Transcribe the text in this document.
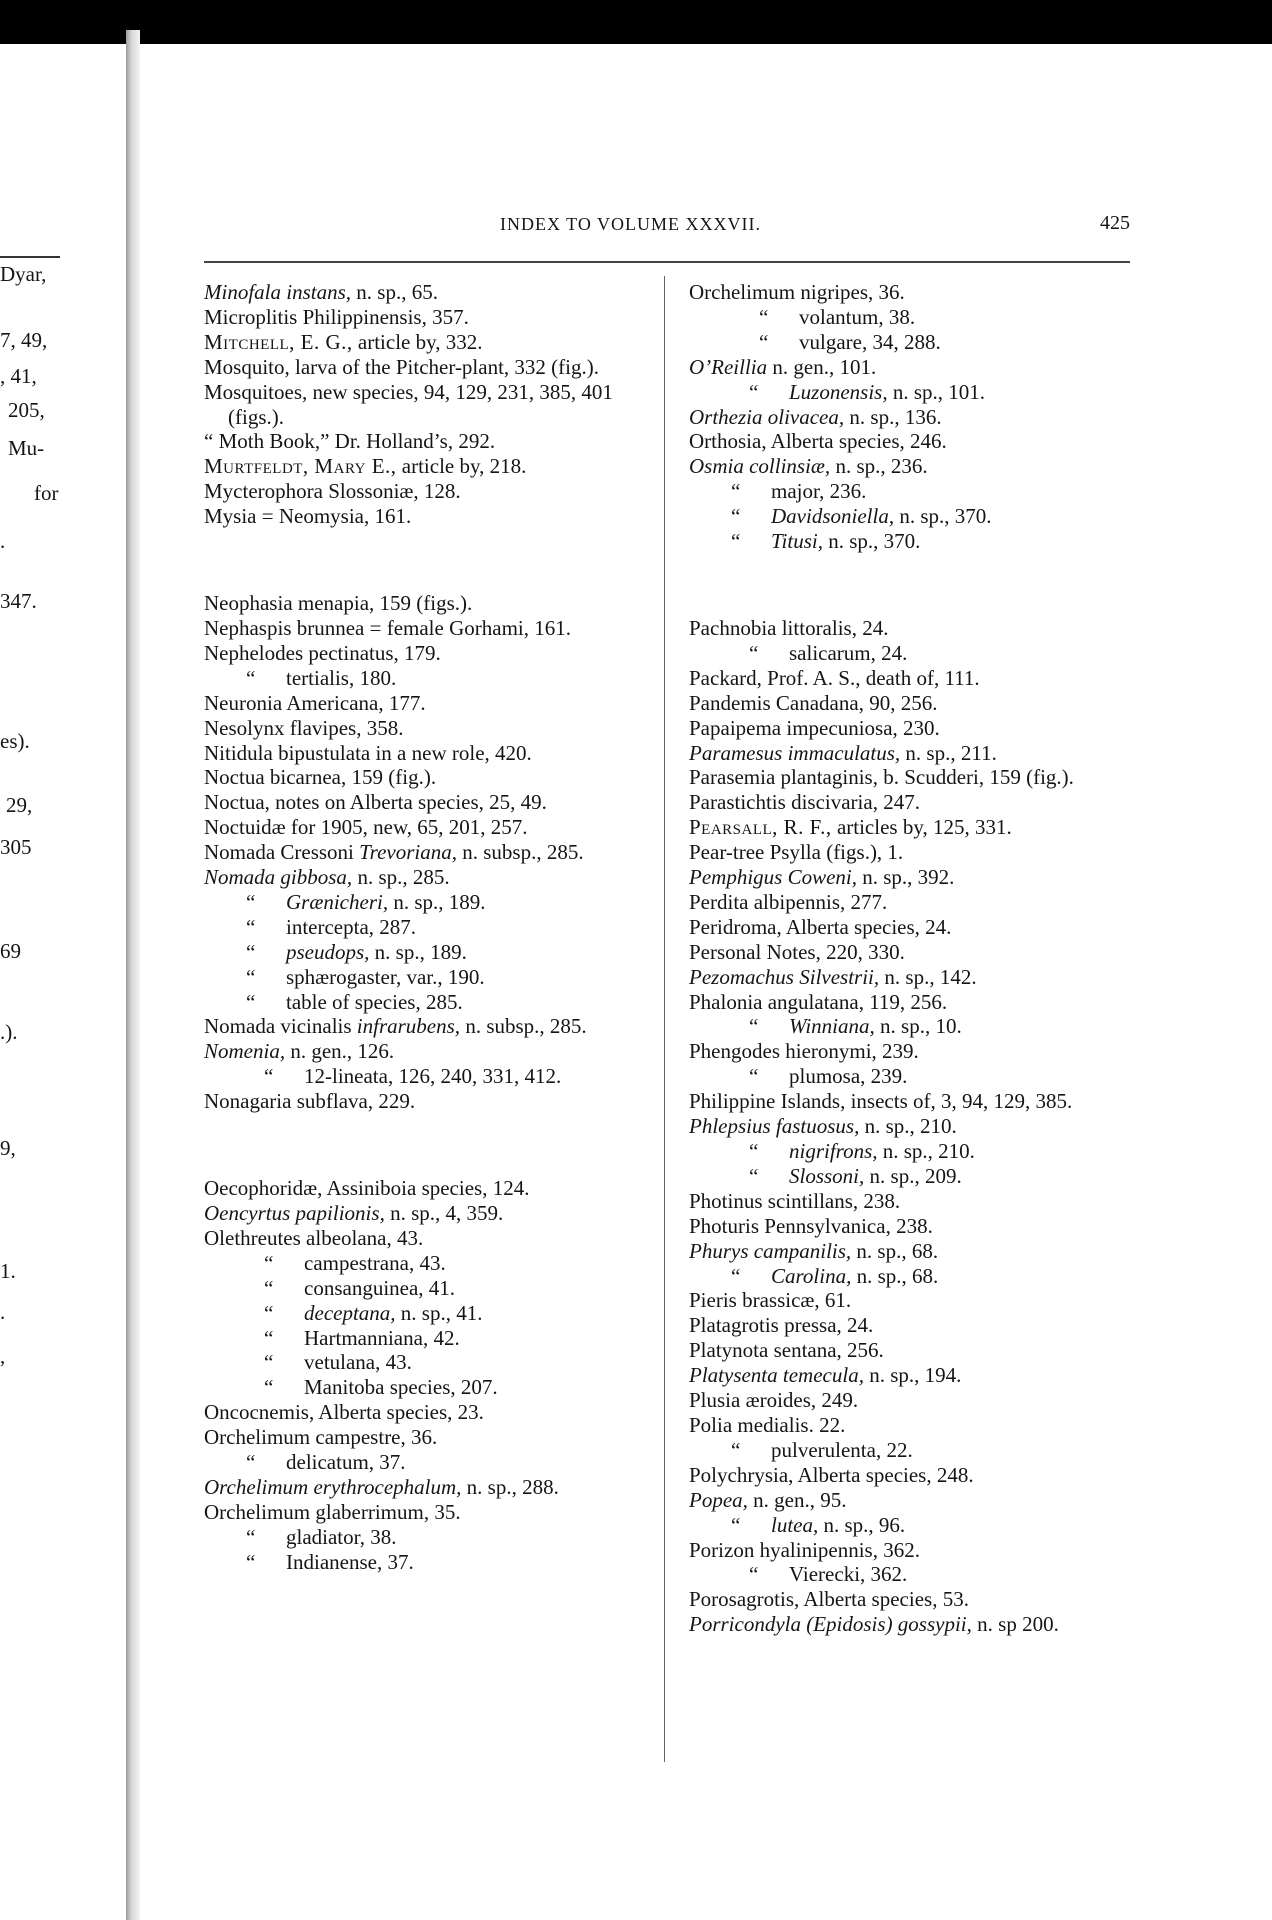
Dyar,
7, 49,
, 41,
205,
Mu-
for
.
347.
es).
29,
305
69
.).
9,
1.
.
,
INDEX TO VOLUME XXXVII.	425

Minofala instans, n. sp., 65.

Microplitis Philippinensis, 357.

Mitchell, E. G., article by, 332.

Mosquito, larva of the Pitcher-plant, 332 (fig.).

Mosquitoes, new species, 94, 129, 231, 385, 401 (figs.).

“ Moth Book,” Dr. Holland’s, 292.

Murtfeldt, Mary E., article by, 218.

Mycterophora Slossoniæ, 128.

Mysia = Neomysia, 161.

Neophasia menapia, 159 (figs.).

Nephaspis brunnea = female Gorhami, 161.

Nephelodes pectinatus, 179.

“ tertialis, 180.

Neuronia Americana, 177.

Nesolynx flavipes, 358.

Nitidula bipustulata in a new role, 420.

Noctua bicarnea, 159 (fig.).

Noctua, notes on Alberta species, 25, 49.

Noctuidæ for 1905, new, 65, 201, 257.

Nomada Cressoni Trevoriana, n. subsp., 285.

Nomada gibbosa, n. sp., 285.

“ Grænicheri, n. sp., 189.

“ intercepta, 287.

“ pseudops, n. sp., 189.

“ sphærogaster, var., 190.

“ table of species, 285.

Nomada vicinalis infrarubens, n. subsp., 285.

Nomenia, n. gen., 126.

“ 12-lineata, 126, 240, 331, 412.

Nonagaria subflava, 229.

Oecophoridæ, Assiniboia species, 124.

Oencyrtus papilionis, n. sp., 4, 359.

Olethreutes albeolana, 43.

“ campestrana, 43.

“ consanguinea, 41.

“ deceptana, n. sp., 41.

“ Hartmanniana, 42.

“ vetulana, 43.

“ Manitoba species, 207.

Oncocnemis, Alberta species, 23.

Orchelimum campestre, 36.

“ delicatum, 37.

Orchelimum erythrocephalum, n. sp., 288.

Orchelimum glaberrimum, 35.

“ gladiator, 38.

“ Indianense, 37.

Orchelimum nigripes, 36.

“ volantum, 38.

“ vulgare, 34, 288.

O’Reillia n. gen., 101.

“ Luzonensis, n. sp., 101.

Orthezia olivacea, n. sp., 136.

Orthosia, Alberta species, 246.

Osmia collinsiæ, n. sp., 236.

“ major, 236.

“ Davidsoniella, n. sp., 370.

“ Titusi, n. sp., 370.

Pachnobia littoralis, 24.

“ salicarum, 24.

Packard, Prof. A. S., death of, 111.

Pandemis Canadana, 90, 256.

Papaipema impecuniosa, 230.

Paramesus immaculatus, n. sp., 211.

Parasemia plantaginis, b. Scudderi, 159 (fig.).

Parastichtis discivaria, 247.

Pearsall, R. F., articles by, 125, 331.

Pear-tree Psylla (figs.), 1.

Pemphigus Coweni, n. sp., 392.

Perdita albipennis, 277.

Peridroma, Alberta species, 24.

Personal Notes, 220, 330.

Pezomachus Silvestrii, n. sp., 142.

Phalonia angulatana, 119, 256.

“ Winniana, n. sp., 10.

Phengodes hieronymi, 239.

“ plumosa, 239.

Philippine Islands, insects of, 3, 94, 129, 385.

Phlepsius fastuosus, n. sp., 210.

“ nigrifrons, n. sp., 210.

“ Slossoni, n. sp., 209.

Photinus scintillans, 238.

Photuris Pennsylvanica, 238.

Phurys campanilis, n. sp., 68.

“ Carolina, n. sp., 68.

Pieris brassicæ, 61.

Platagrotis pressa, 24.

Platynota sentana, 256.

Platysenta temecula, n. sp., 194.

Plusia æroides, 249.

Polia medialis. 22.

“ pulverulenta, 22.

Polychrysia, Alberta species, 248.

Popea, n. gen., 95.

“ lutea, n. sp., 96.

Porizon hyalinipennis, 362.

“ Vierecki, 362.

Porosagrotis, Alberta species, 53.

Porricondyla (Epidosis) gossypii, n. sp 200.
